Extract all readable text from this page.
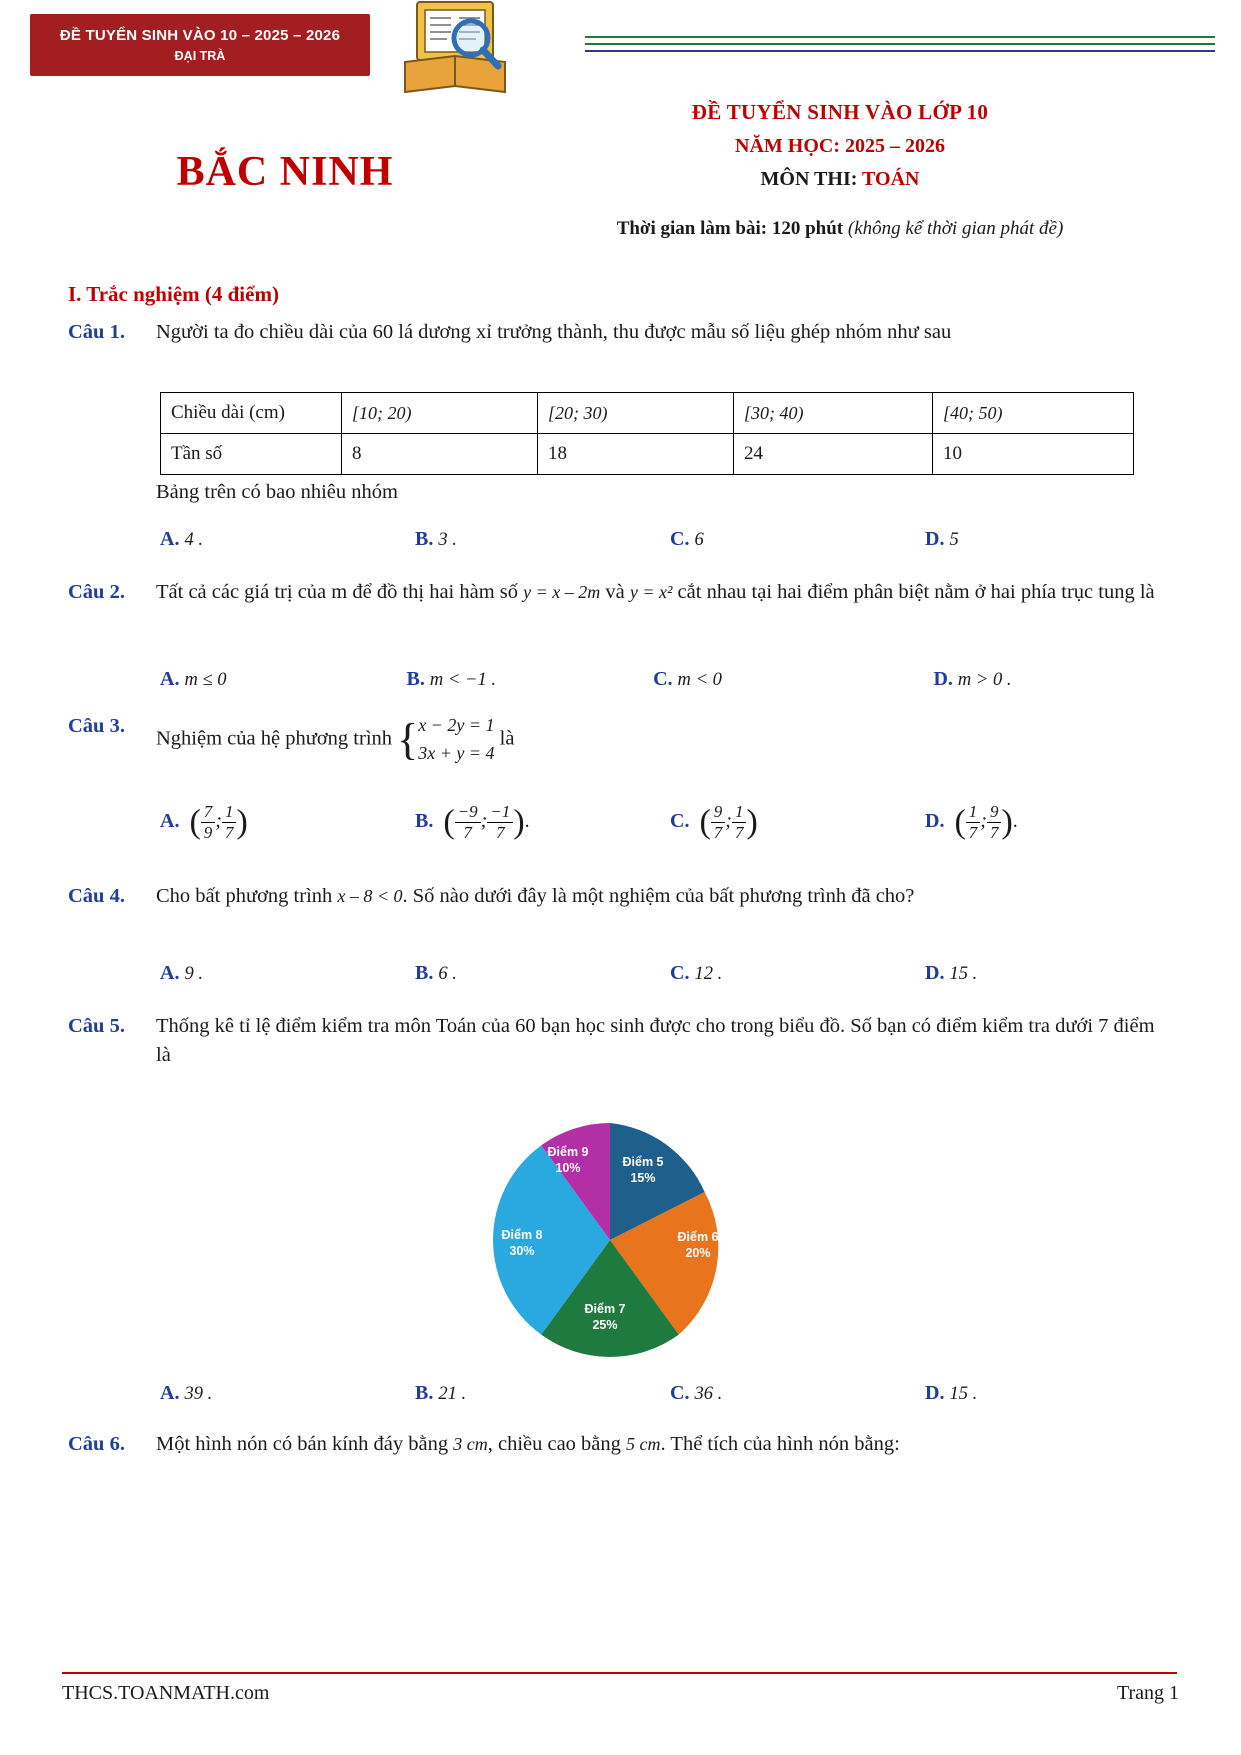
ĐỀ TUYỂN SINH VÀO 10 – 2025 – 2026
ĐẠI TRÀ
BẮC NINH
ĐỀ TUYỂN SINH VÀO LỚP 10
NĂM HỌC: 2025 – 2026
MÔN THI: TOÁN
Thời gian làm bài: 120 phút (không kể thời gian phát đề)
I. Trắc nghiệm (4 điểm)
Câu 1. Người ta đo chiều dài của 60 lá dương xỉ trưởng thành, thu được mẫu số liệu ghép nhóm như sau
Chiều dài (cm)	[10; 20)	[20; 30)	[30; 40)	[40; 50)
Tần số	8	18	24	10
Bảng trên có bao nhiêu nhóm
A. 4 .	B. 3 .	C. 6	D. 5
Câu 2. Tất cả các giá trị của m để đồ thị hai hàm số y = x – 2m và y = x² cắt nhau tại hai điểm phân biệt nằm ở hai phía trục tung là
A. m ≤ 0	B. m < −1 .	C. m < 0	D. m > 0 .
Câu 3.Nghiệm của hệ phương trình { x − 2y = 1
3x + y = 4
là
A. ( $\frac{7}{9}$ ; $\frac{1}{7}$ )	B. ( $\frac{-9}{7}$ ; $\frac{-1}{7}$ ).	C. ( $\frac{9}{7}$ ; $\frac{1}{7}$ )	D. ( $\frac{1}{7}$ ; $\frac{9}{7}$ ).
Câu 4. Cho bất phương trình x – 8 < 0. Số nào dưới đây là một nghiệm của bất phương trình đã cho?
A. 9 .	B. 6 .	C. 12 .	D. 15 .
Câu 5. Thống kê tỉ lệ điểm kiểm tra môn Toán của 60 bạn học sinh được cho trong biểu đồ. Số bạn có điểm kiểm tra dưới 7 điểm là
Điểm 5
15%
Điểm 6
20%
Điểm 7
25%
Điểm 8
30%
Điểm 9
10%
A. 39 .	B. 21 .	C. 36 .	D. 15 .
Câu 6. Một hình nón có bán kính đáy bằng 3 cm, chiều cao bằng 5 cm. Thể tích của hình nón bằng:
THCS.TOANMATH.com	Trang 1
